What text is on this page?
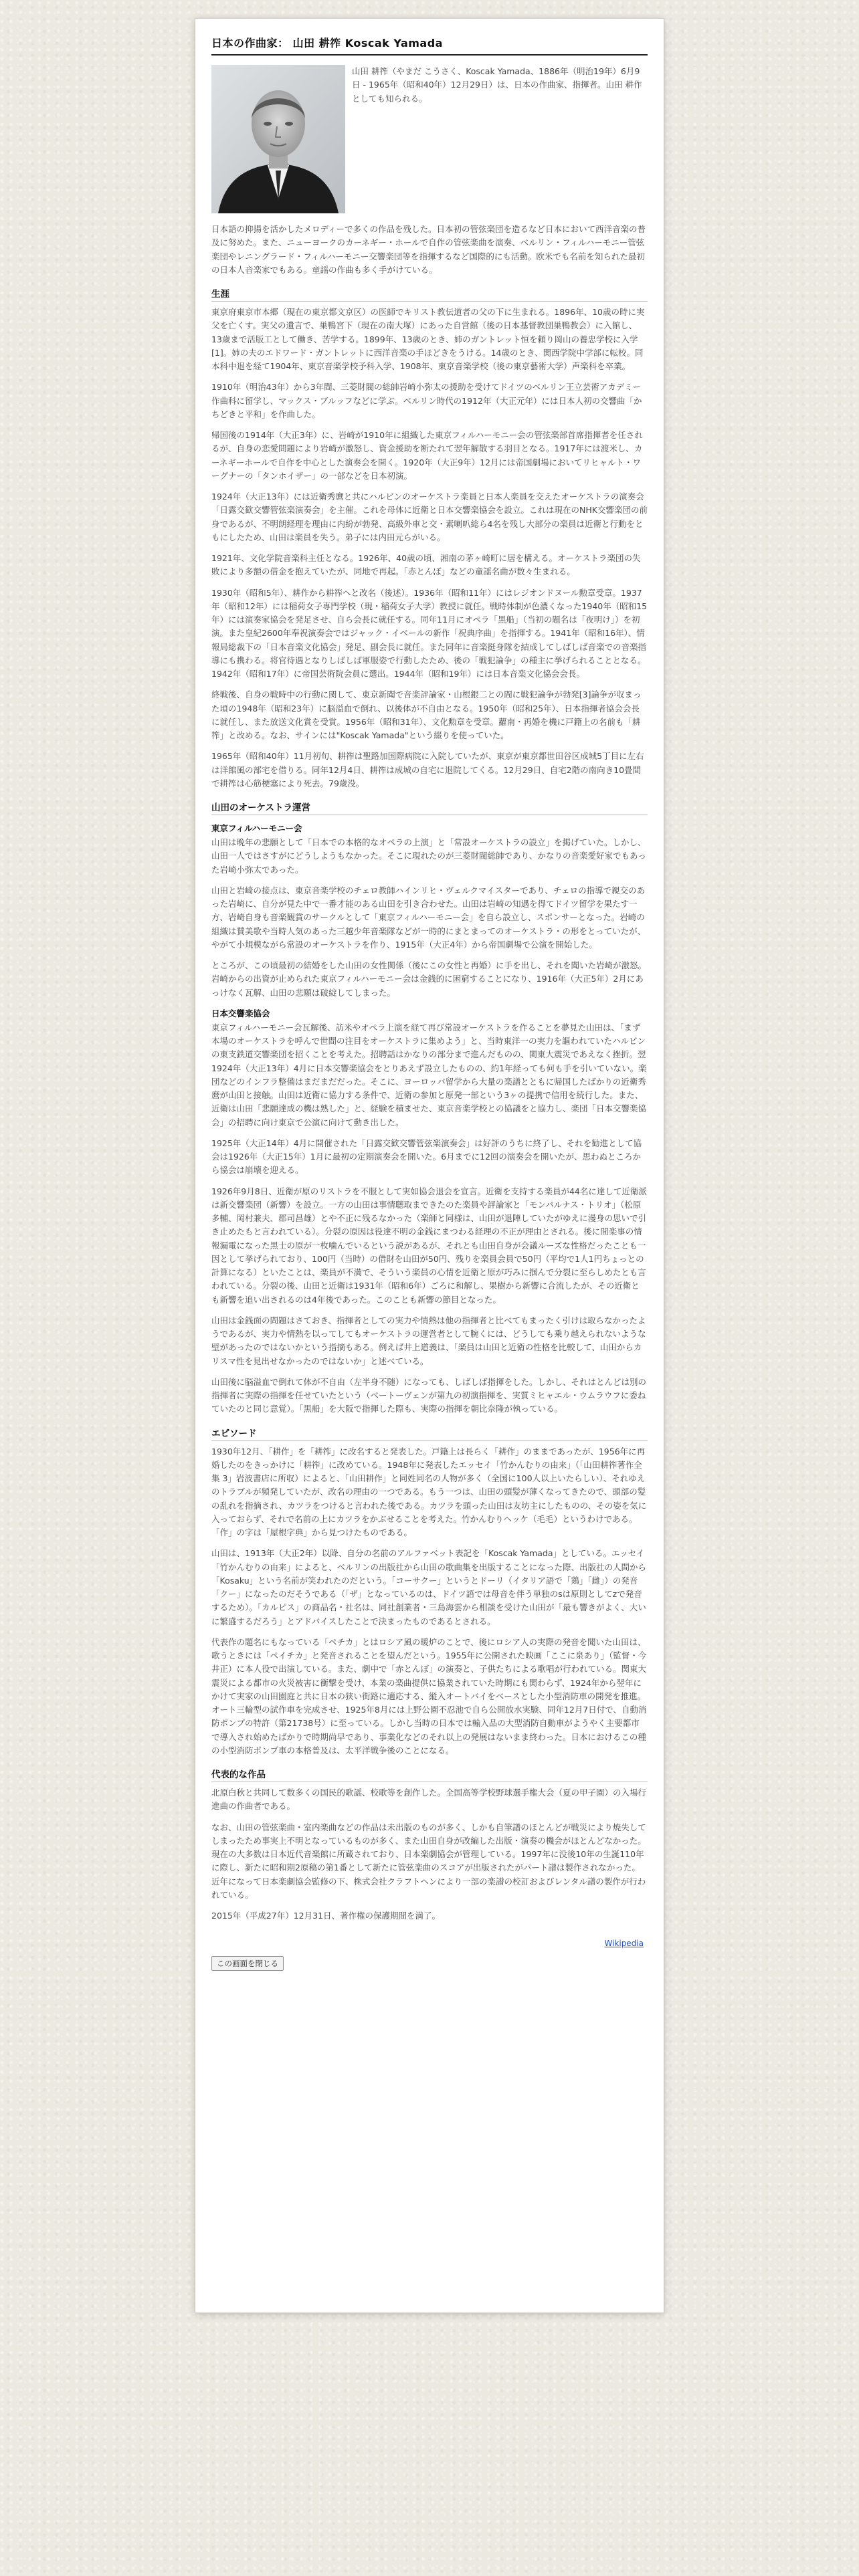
日本の作曲家： 山田 耕筰 Koscak Yamada
山田 耕筰（やまだ こうさく、Koscak Yamada、1886年（明治19年）6月9日 - 1965年（昭和40年）12月29日）は、日本の作曲家、指揮者。山田 耕作としても知られる。

日本語の抑揚を活かしたメロディーで多くの作品を残した。日本初の管弦楽団を造るなど日本において西洋音楽の普及に努めた。また、ニューヨークのカーネギー・ホールで自作の管弦楽曲を演奏、ベルリン・フィルハーモニー管弦楽団やレニングラード・フィルハーモニー交響楽団等を指揮するなど国際的にも活動。欧米でも名前を知られた最初の日本人音楽家でもある。童謡の作曲も多く手がけている。

生涯

東京府東京市本郷（現在の東京都文京区）の医師でキリスト教伝道者の父の下に生まれる。1896年、10歳の時に実父を亡くす。実父の遺言で、巣鴨宮下（現在の南大塚）にあった自営館（後の日本基督教団巣鴨教会）に入館し、13歳まで活版工として働き、苦学する。1899年、13歳のとき、姉のガントレット恒を頼り岡山の養忠学校に入学[1]。姉の夫のエドワード・ガントレットに西洋音楽の手ほどきをうける。14歳のとき、関西学院中学部に転校。同本科中退を経て1904年、東京音楽学校予科入学、1908年、東京音楽学校（後の東京藝術大学）声楽科を卒業。

1910年（明治43年）から3年間、三菱財閥の総帥岩崎小弥太の援助を受けてドイツのベルリン王立芸術アカデミー作曲科に留学し、マックス・ブルッフなどに学ぶ。ベルリン時代の1912年（大正元年）には日本人初の交響曲「かちどきと平和」を作曲した。

帰国後の1914年（大正3年）に、岩崎が1910年に組織した東京フィルハーモニー会の管弦楽部首席指揮者を任されるが、自身の恋愛問題により岩崎が激怒し、資金援助を断たれて翌年解散する羽目となる。1917年には渡米し、カーネギーホールで自作を中心とした演奏会を開く。1920年（大正9年）12月には帝国劇場においてリヒャルト・ワーグナーの「タンホイザー」の一部などを日本初演。

1924年（大正13年）には近衛秀麿と共にハルビンのオーケストラ楽員と日本人楽員を交えたオーケストラの演奏会「日露交歓交響管弦楽演奏会」を主催。これを母体に近衛と日本交響楽協会を設立。これは現在のNHK交響楽団の前身であるが、不明朗経理を理由に内紛が勃発、高級外車と交・素喇叭総ら4名を残し大部分の楽員は近衛と行動をともにしたため、山田は楽員を失う。弟子には内田元らがいる。

1921年、文化学院音楽科主任となる。1926年、40歳の頃、湘南の茅ヶ崎町に居を構える。オーケストラ楽団の失敗により多額の借金を抱えていたが、同地で再起。「赤とんぼ」などの童謡名曲が数々生まれる。

1930年（昭和5年）、耕作から耕筰へと改名（後述）。1936年（昭和11年）にはレジオンドヌール勲章受章。1937年（昭和12年）には稲荷女子専門学校（現・稲荷女子大学）教授に就任。戦時体制が色濃くなった1940年（昭和15年）には演奏家協会を発足させ、自ら会長に就任する。同年11月にオペラ「黒船」（当初の題名は「夜明け」）を初演。また皇紀2600年奉祝演奏会ではジャック・イベールの新作「祝典序曲」を指揮する。1941年（昭和16年）、情報局総裁下の「日本音楽文化協会」発足、副会長に就任。また同年に音楽挺身隊を結成してしばしば音楽での音楽指導にも携わる。将官待遇となりしばしば軍服姿で行動したため、後の「戦犯論争」の種主に挙げられることとなる。1942年（昭和17年）に帝国芸術院会員に選出。1944年（昭和19年）には日本音楽文化協会会長。

終戦後、自身の戦時中の行動に関して、東京新聞で音楽評論家・山根銀二との間に戦犯論争が勃発[3]論争が収まった頃の1948年（昭和23年）に脳溢血で倒れ、以後体が不自由となる。1950年（昭和25年）、日本指揮者協会会長に就任し、また放送文化賞を受賞。1956年（昭和31年）、文化勲章を受章。蘿南・再婚を機に戸籍上の名前も「耕筰」と改める。なお、サインには"Koscak Yamada"という綴りを使っていた。

1965年（昭和40年）11月初旬、耕筰は聖路加国際病院に入院していたが、東京が東京都世田谷区成城5丁目に左右は洋館風の部宅を借りる。同年12月4日、耕筰は成城の自宅に退院してくる。12月29日、自宅2階の南向き10畳間で耕筰は心筋梗塞により死去。79歳没。

山田のオーケストラ運営
東京フィルハーモニー会

山田は晩年の悲願として「日本での本格的なオペラの上演」と「常設オーケストラの設立」を掲げていた。しかし、山田一人ではさすがにどうしようもなかった。そこに現れたのが三菱財閥総帥であり、かなりの音楽愛好家でもあった岩崎小弥太であった。

山田と岩崎の接点は、東京音楽学校のチェロ教師ハインリヒ・ヴェルクマイスターであり、チェロの指導で親交のあった岩崎に、自分が見た中で一番才能のある山田を引き合わせた。山田は岩崎の知遇を得てドイツ留学を果たす一方、岩崎自身も音楽観賞のサークルとして「東京フィルハーモニー会」を自ら設立し、スポンサーとなった。岩崎の組織は賛美歌や当時人気のあった三越少年音楽隊などが一時的にまとまってのオーケストラ・の形をとっていたが、やがて小規模ながら常設のオーケストラを作り、1915年（大正4年）から帝国劇場で公演を開始した。

ところが、この頃最初の結婚をした山田の女性関係（後にこの女性と再婚）に手を出し、それを聞いた岩崎が激怒。岩崎からの出資が止められた東京フィルハーモニー会は金銭的に困窮することになり、1916年（大正5年）2月にあっけなく瓦解、山田の悲願は破綻してしまった。

日本交響楽協会

東京フィルハーモニー会瓦解後、訪米やオペラ上演を経て再び常設オーケストラを作ることを夢見た山田は、「まず本場のオーケストラを呼んで世間の注目をオーケストラに集めよう」と、当時東洋一の実力を謳われていたハルビンの東支鉄道交響楽団を招くことを考えた。招聘話はかなりの部分まで進んだものの、関東大震災であえなく挫折。翌1924年（大正13年）4月に日本交響楽協会をとりあえず設立したものの、約1年経っても何も手を引いていない。楽団などのインフラ整備はまだまだだった。そこに、ヨーロッパ留学から大量の楽譜とともに帰国したばかりの近衛秀麿が山田と接触。山田は近衛に協力する条件で、近衛の参加と原発一部という3ヶの提携で信用を続行した。また、近衛は山田「悲願達成の機は熟した」と、経験を積ませた、東京音楽学校との協議をと協力し、楽団「日本交響楽協会」の招聘に向け東京で公演に向けて動き出した。

1925年（大正14年）4月に開催された「日露交歓交響管弦楽演奏会」は好評のうちに終了し、それを勧進として協会は1926年（大正15年）1月に最初の定期演奏会を開いた。6月までに12回の演奏会を開いたが、思わぬところから協会は崩壊を迎える。

1926年9月8日、近衛が原のリストラを不服として実如協会退会を宣言。近衛を支持する楽員が44名に達して近衛派は新交響楽団（新響）を設立。一方の山田は事情聴取まできたのた楽員や評論家と「モンパルナス・トリオ」（松原多輔、岡村兼夫、郡司昌雄）とや不正に残るなかった（楽師と同様は、山田が退陣していたがゆえに漫身の思いで引き止めたもと言われている）。分裂の原因は役達不明の金銭にまつわる経理の不正が理由とされる。後に間楽事の情報漏電になった黒士の原が一枚噛んでいるという説があるが、それとも山田自身が会議ルーズな性格だったことも一因として挙げられており、100円（当時）の借財を山田が50円、残りを楽員会員で50円（平均で1人1円ちょっとの計算になる）といたことは、楽員が不満で、そういう楽員の心情を近衛と原が巧みに掴んで分裂に至らしめたとも言われている。分裂の後、山田と近衛は1931年（昭和6年）ごろに和解し、果樹から新響に合流したが、その近衛とも新響を追い出されるのは4年後であった。このことも新響の節目となった。

山田は金銭面の問題はさておき、指揮者としての実力や情熱は他の指揮者と比べてもまったく引けは取らなかったようであるが、実力や情熱を以ってしてもオーケストラの運営者として腕くには、どうしても乗り越えられないような壁があったのではないかという指摘もある。例えば井上道義は、「楽員は山田と近衛の性格を比較して、山田からカリスマ性を見出せなかったのではないか」と述べている。

山田後に脳溢血で倒れて体が不自由（左半身不随）になっても、しばしば指揮をした。しかし、それはとんどは別の指揮者に実際の指揮を任せていたという（ベートーヴェンが第九の初演指揮を、実質ミヒャエル・ウムラウフに委ねていたのと同じ意覚）。「黒船」を大阪で指揮した際も、実際の指揮を朝比奈隆が執っている。

エピソード

1930年12月、「耕作」を「耕筰」に改名すると発表した。戸籍上は長らく「耕作」のままであったが、1956年に再婚したのをきっかけに「耕筰」に改めている。1948年に発表したエッセイ「竹かんむりの由来」（「山田耕筰著作全集 3」岩波書店に所収）によると、「山田耕作」と同姓同名の人物が多く（全国に100人以上いたらしい）、それゆえのトラブルが頻発していたが、改名の理由の一つである。もう一つは、山田の頭髪が薄くなってきたので、頭部の髪の乱れを指摘され、カツラをつけると言われた後である。カツラを頭った山田は友坊主にしたものの、その姿を気に入っておらず、それで名前の上にカツラをかぶせることを考えた。竹かんむりヘッケ（毛毛）というわけである。「作」の字は「屋根字典」から見つけたものである。

山田は、1913年（大正2年）以降、自分の名前のアルファベット表記を「Koscak Yamada」としている。エッセイ「竹かんむりの由来」によると、ベルリンの出版社から山田の歌曲集を出版することになった際、出版社の人間から「Kosaku」という名前が笑われたのだという。「コーサクー」というとドーリ（イタリア語で「鶏」「雌」）の発音「クー」になったのだそうである（「ザ」となっているのは、ドイツ語では母音を伴う単独のsは原則としてzで発音するため）。「カルピス」の商品名・社名は、同社創業者・三島海雲から相談を受けた山田が「最も響きがよく、大いに繁盛するだろう」とアドバイスしたことで決まったものであるとされる。

代表作の題名にもなっている「ペチカ」とはロシア風の暖炉のことで、後にロシア人の実際の発音を聞いた山田は、歌うときには「ペイチカ」と発音されることを望んだという。1955年に公開された映画「ここに泉あり」（監督・今井正）に本人役で出演している。また、劇中で「赤とんぼ」の演奏と、子供たちによる歌唱が行われている。関東大震災による都市の火災被害に衝撃を受け、本業の楽曲提供に協業されていた時期にも関わらず、1924年から翌年にかけて実家の山田園庭と共に日本の狭い街路に適応する、縦入オートバイをベースとした小型消防車の開発を推進。オート三輪型の試作車を完成させ、1925年8月には上野公園不忍池で自ら公開放水実験、同年12月7日付で、自動消防ポンプの特許（第21738号）に至っている。しかし当時の日本では輸入品の大型消防自動車がようやく主要都市で導入され始めたばかりで時期尚早であり、事業化などのそれ以上の発展はないまま終わった。日本におけるこの種の小型消防ポンプ車の本格普及は、太平洋戦争後のことになる。

代表的な作品

北原白秋と共同して数多くの国民的歌謡、校歌等を創作した。全国高等学校野球選手権大会（夏の甲子園）の入場行進曲の作曲者である。

なお、山田の管弦楽曲・室内楽曲などの作品は未出版のものが多く、しかも自筆譜のほとんどが戦災により焼失してしまったため事実上不明となっているものが多く、また山田自身が改編した出版・演奏の機会がほとんどなかった。現在の大多数は日本近代音楽館に所蔵されており、日本楽劇協会が管理している。1997年に没後10年の生誕110年に際し、新たに昭和期2原稿の第1番として新たに管弦楽曲のスコアが出版されたがパート譜は製作されなかった。近年になって日本楽劇協会監修の下、株式会社クラフトヘンにより一部の楽譜の校訂およびレンタル譜の製作が行われている。

2015年（平成27年）12月31日、著作権の保護期間を満了。

Wikipedia
この画面を閉じる
